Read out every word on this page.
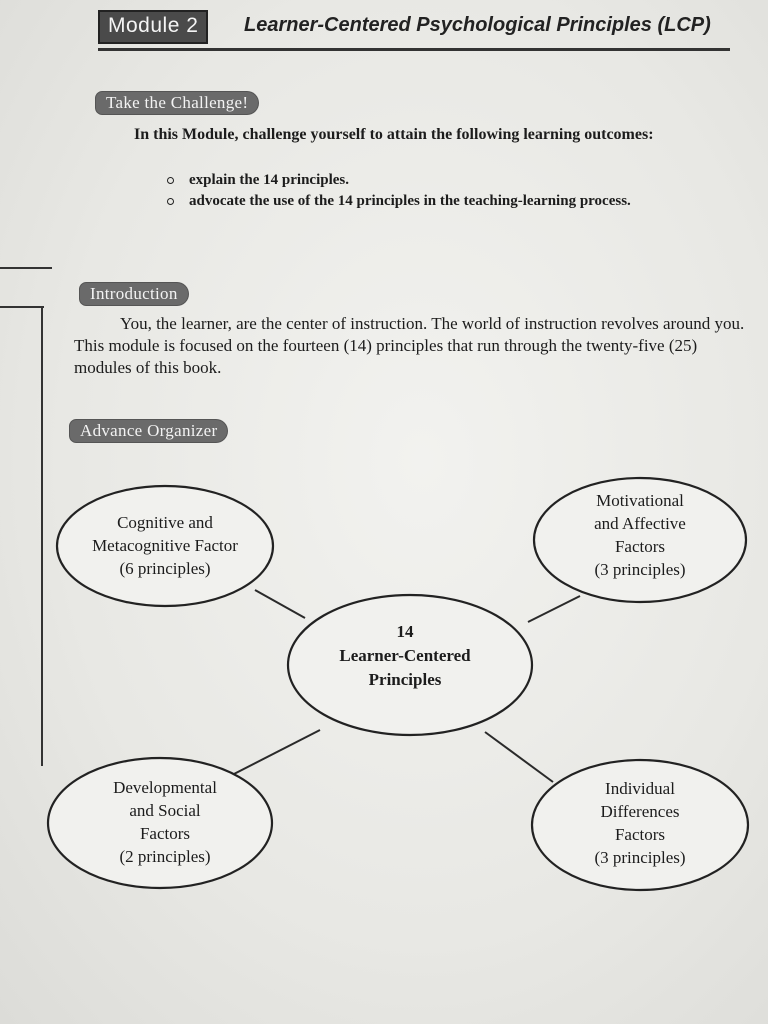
Module 2	Learner-Centered Psychological Principles (LCP)
Take the Challenge!

In this Module, challenge yourself to attain the following learning outcomes:

explain the 14 principles.
advocate the use of the 14 principles in the teaching-learning process.
Introduction

You, the learner, are the center of instruction. The world of instruction revolves around you. This module is focused on the fourteen (14) principles that run through the twenty-five (25) modules of this book.

Advance Organizer
14
Learner-Centered
Principles
Cognitive and
Metacognitive Factor
(6 principles)
Motivational
and Affective
Factors
(3 principles)
Developmental
and Social
Factors
(2 principles)
Individual
Differences
Factors
(3 principles)
